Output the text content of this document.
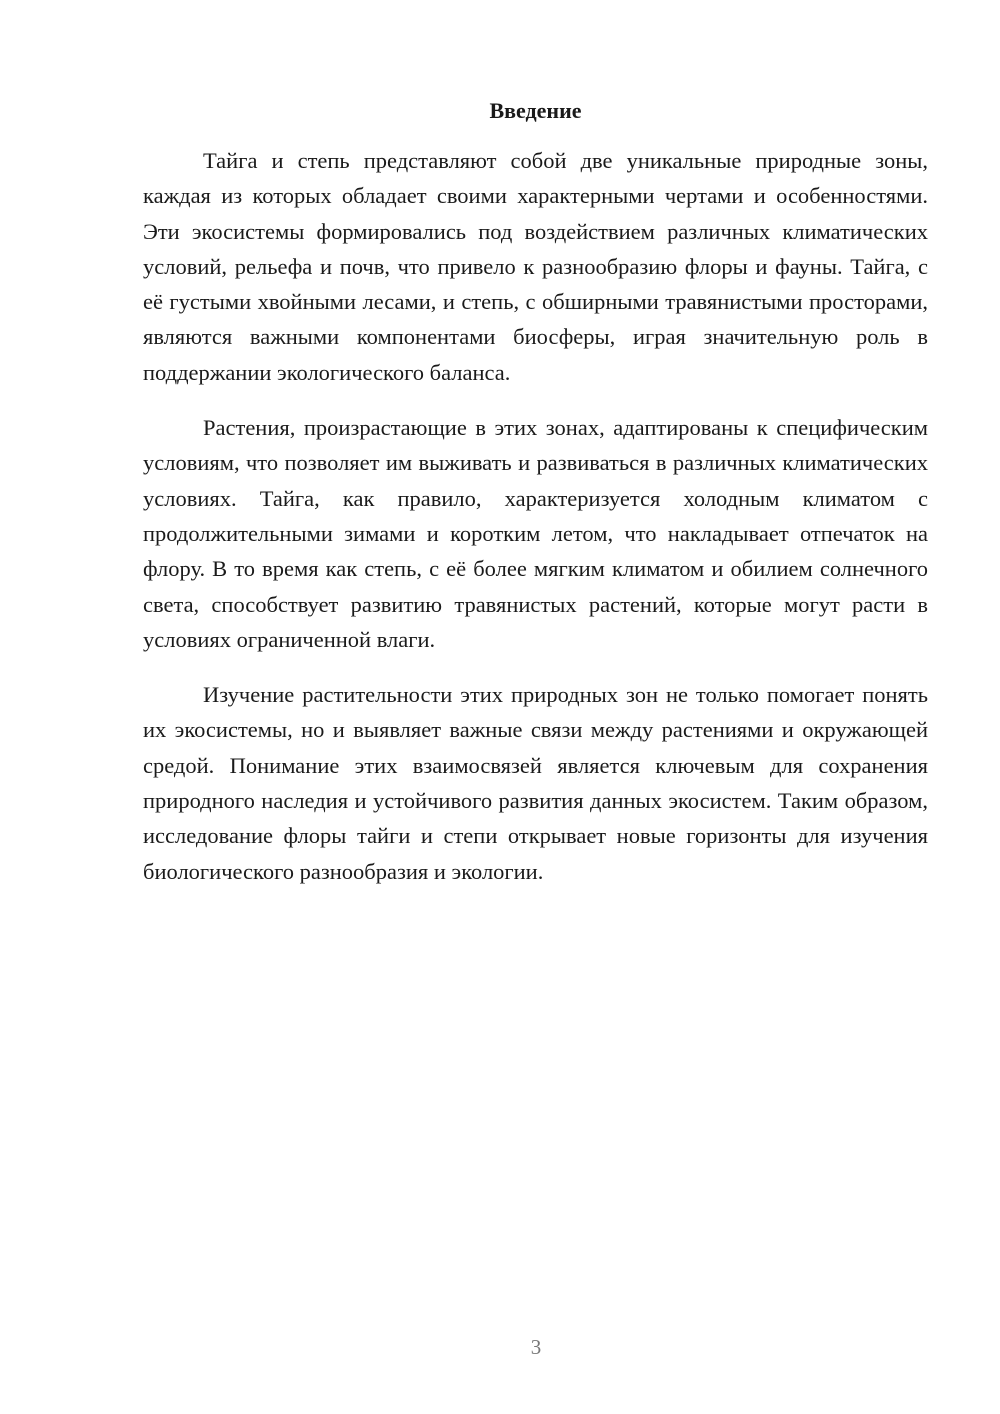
Введение

Тайга и степь представляют собой две уникальные природные зоны, каждая из которых обладает своими характерными чертами и особенностями. Эти экосистемы формировались под воздействием различных климатических условий, рельефа и почв, что привело к разнообразию флоры и фауны. Тайга, с её густыми хвойными лесами, и степь, с обширными травянистыми просторами, являются важными компонентами биосферы, играя значительную роль в поддержании экологического баланса.

Растения, произрастающие в этих зонах, адаптированы к специфическим условиям, что позволяет им выживать и развиваться в различных климатических условиях. Тайга, как правило, характеризуется холодным климатом с продолжительными зимами и коротким летом, что накладывает отпечаток на флору. В то время как степь, с её более мягким климатом и обилием солнечного света, способствует развитию травянистых растений, которые могут расти в условиях ограниченной влаги.

Изучение растительности этих природных зон не только помогает понять их экосистемы, но и выявляет важные связи между растениями и окружающей средой. Понимание этих взаимосвязей является ключевым для сохранения природного наследия и устойчивого развития данных экосистем. Таким образом, исследование флоры тайги и степи открывает новые горизонты для изучения биологического разнообразия и экологии.

3
